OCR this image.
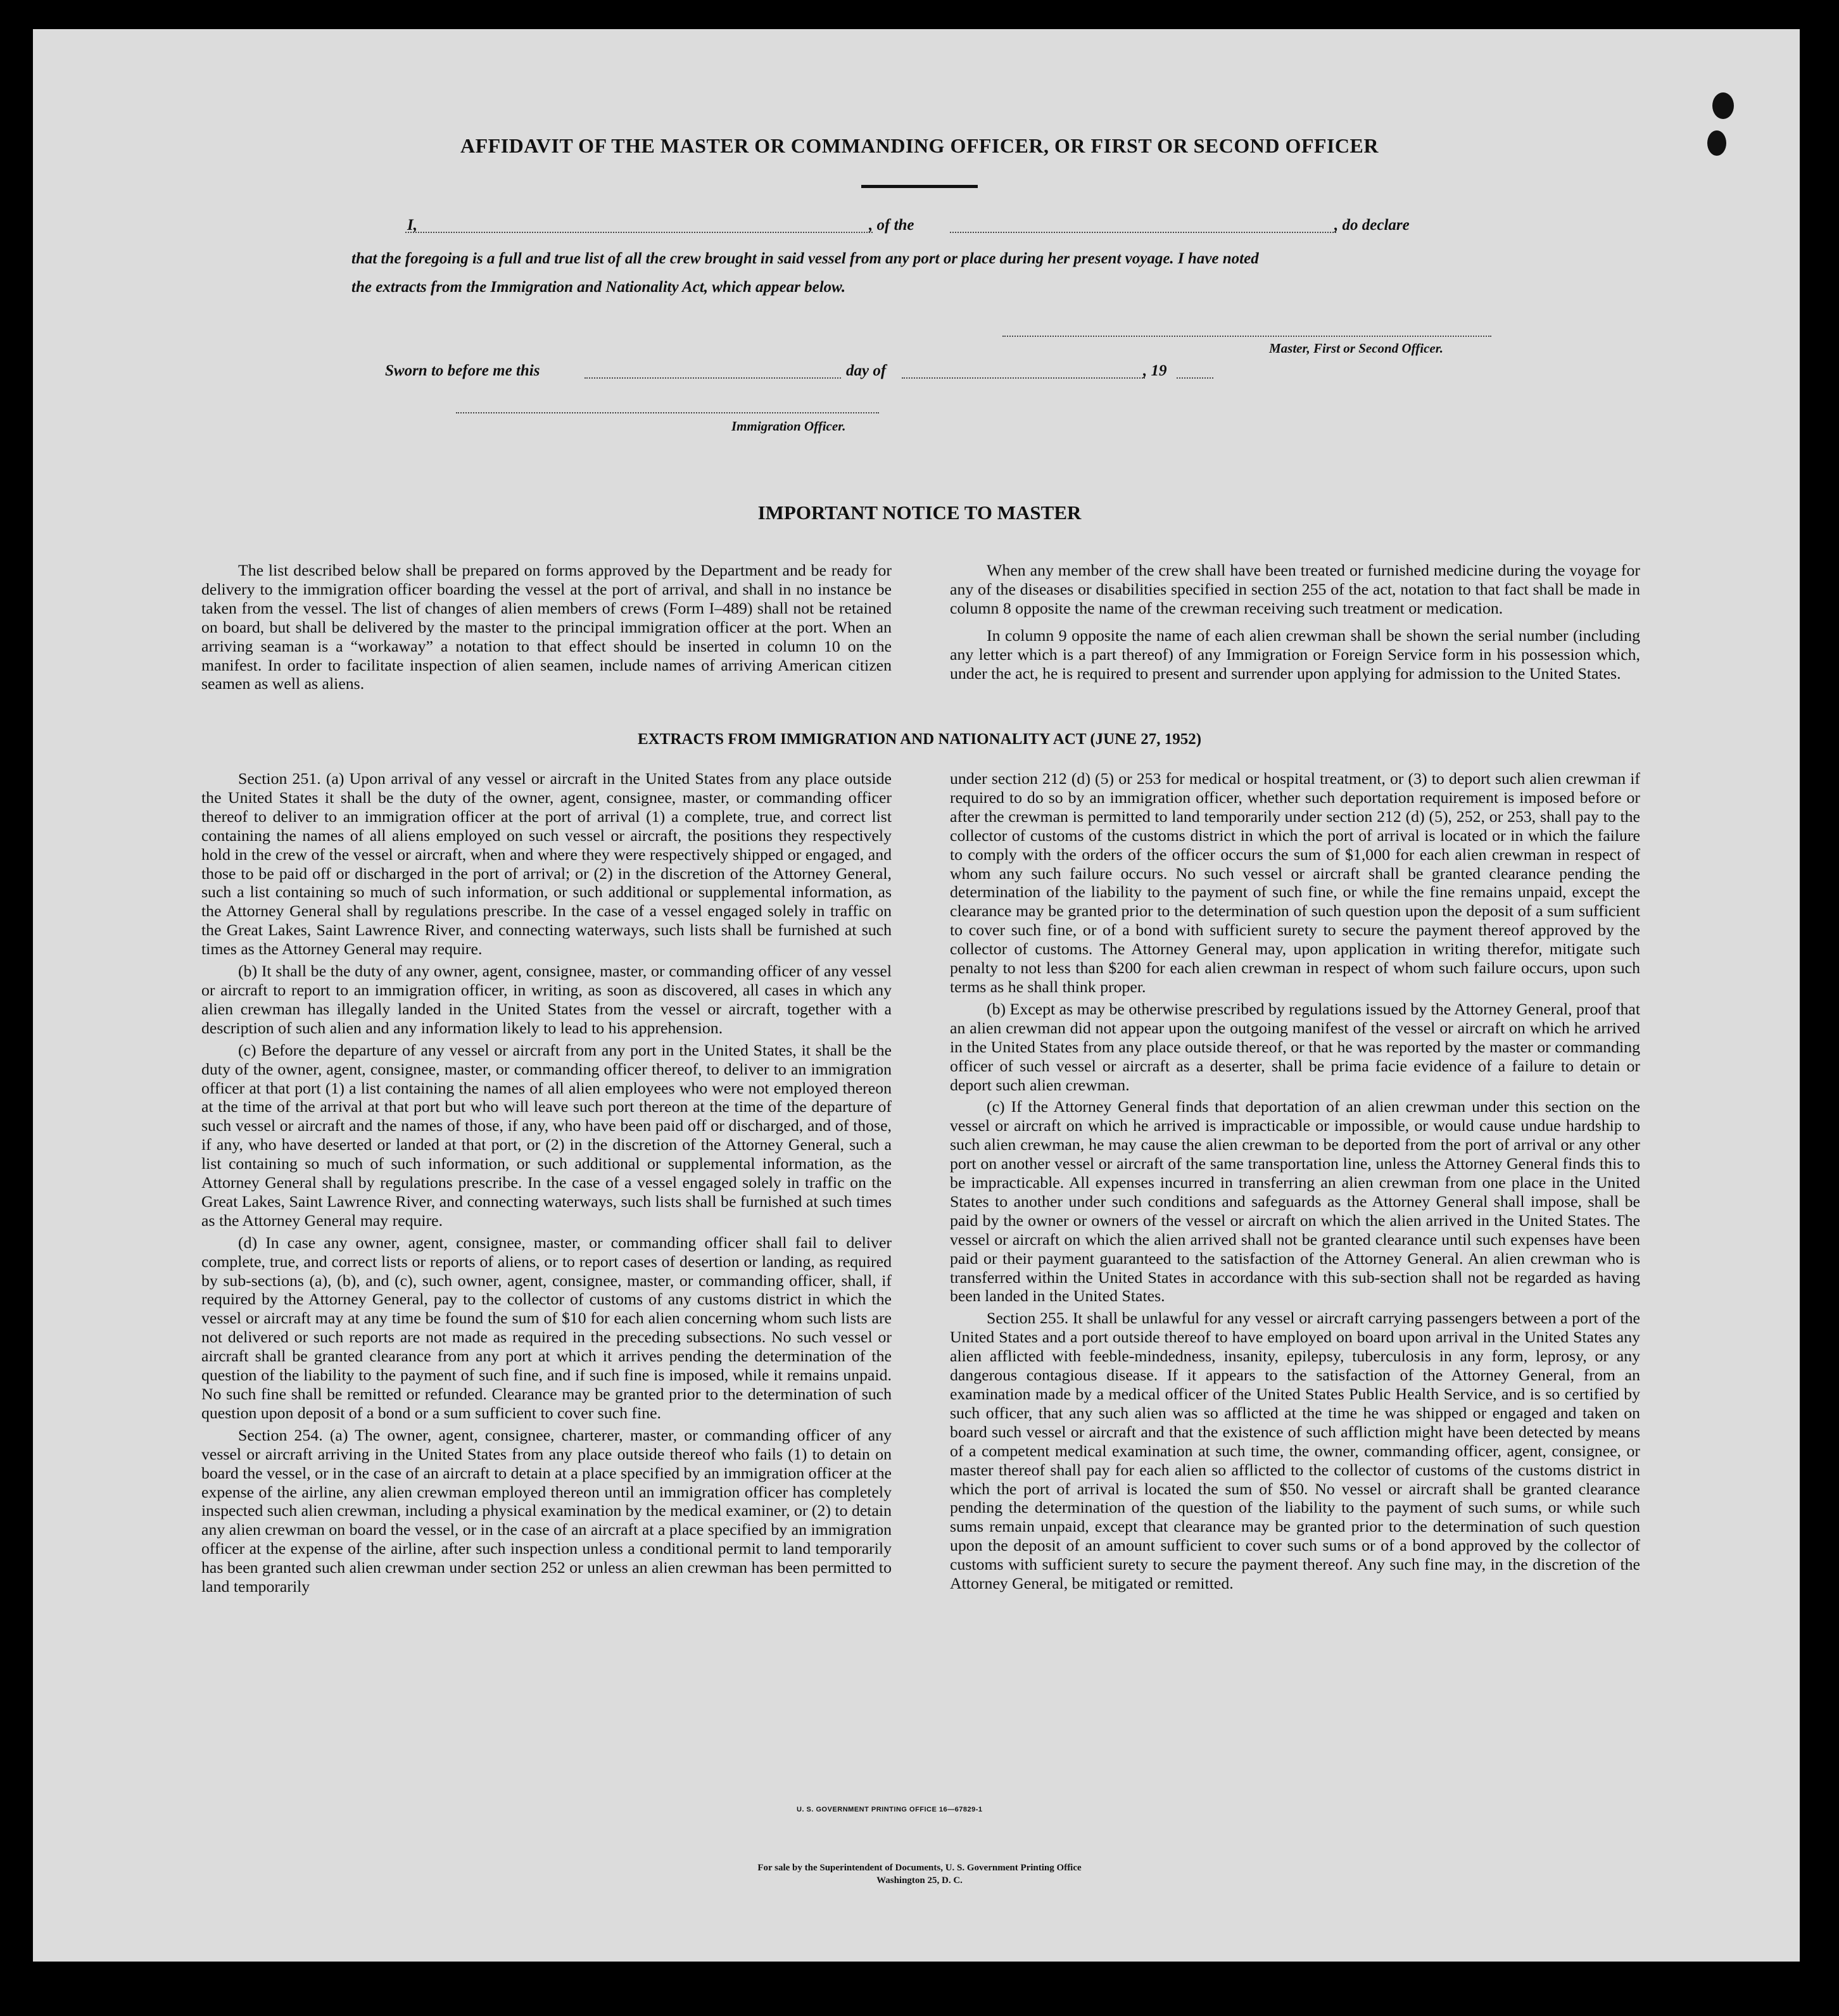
AFFIDAVIT OF THE MASTER OR COMMANDING OFFICER, OR FIRST OR SECOND OFFICER
I,	, of the	, do declare

that the foregoing is a full and true list of all the crew brought in said vessel from any port or place during her present voyage. I have noted

the extracts from the Immigration and Nationality Act, which appear below.

Master, First or Second Officer.
Sworn to before me this	day of	, 19
Immigration Officer.
IMPORTANT NOTICE TO MASTER

The list described below shall be prepared on forms approved by the Department and be ready for delivery to the immigration officer boarding the vessel at the port of arrival, and shall in no instance be taken from the vessel. The list of changes of alien members of crews (Form I–489) shall not be retained on board, but shall be delivered by the master to the principal immigration officer at the port. When an arriving seaman is a “workaway” a notation to that effect should be inserted in column 10 on the manifest. In order to facilitate inspection of alien seamen, include names of arriving American citizen seamen as well as aliens.

When any member of the crew shall have been treated or furnished medicine during the voyage for any of the diseases or disabilities specified in section 255 of the act, notation to that fact shall be made in column 8 opposite the name of the crewman receiving such treatment or medication.

In column 9 opposite the name of each alien crewman shall be shown the serial number (including any letter which is a part thereof) of any Immigration or Foreign Service form in his possession which, under the act, he is required to present and surrender upon applying for admission to the United States.

EXTRACTS FROM IMMIGRATION AND NATIONALITY ACT (JUNE 27, 1952)

Section 251. (a) Upon arrival of any vessel or aircraft in the United States from any place outside the United States it shall be the duty of the owner, agent, consignee, master, or commanding officer thereof to deliver to an immigration officer at the port of arrival (1) a complete, true, and correct list containing the names of all aliens employed on such vessel or aircraft, the positions they respectively hold in the crew of the vessel or aircraft, when and where they were respectively shipped or engaged, and those to be paid off or discharged in the port of arrival; or (2) in the discretion of the Attorney General, such a list containing so much of such information, or such additional or supplemental information, as the Attorney General shall by regulations prescribe. In the case of a vessel engaged solely in traffic on the Great Lakes, Saint Lawrence River, and connecting waterways, such lists shall be furnished at such times as the Attorney General may require.

(b) It shall be the duty of any owner, agent, consignee, master, or commanding officer of any vessel or aircraft to report to an immigration officer, in writing, as soon as discovered, all cases in which any alien crewman has illegally landed in the United States from the vessel or aircraft, together with a description of such alien and any information likely to lead to his apprehension.

(c) Before the departure of any vessel or aircraft from any port in the United States, it shall be the duty of the owner, agent, consignee, master, or commanding officer thereof, to deliver to an immigration officer at that port (1) a list containing the names of all alien employees who were not employed thereon at the time of the arrival at that port but who will leave such port thereon at the time of the departure of such vessel or aircraft and the names of those, if any, who have been paid off or discharged, and of those, if any, who have deserted or landed at that port, or (2) in the discretion of the Attorney General, such a list containing so much of such information, or such additional or supplemental information, as the Attorney General shall by regulations prescribe. In the case of a vessel engaged solely in traffic on the Great Lakes, Saint Lawrence River, and connecting waterways, such lists shall be furnished at such times as the Attorney General may require.

(d) In case any owner, agent, consignee, master, or commanding officer shall fail to deliver complete, true, and correct lists or reports of aliens, or to report cases of desertion or landing, as required by sub-sections (a), (b), and (c), such owner, agent, consignee, master, or commanding officer, shall, if required by the Attorney General, pay to the collector of customs of any customs district in which the vessel or aircraft may at any time be found the sum of $10 for each alien concerning whom such lists are not delivered or such reports are not made as required in the preceding subsections. No such vessel or aircraft shall be granted clearance from any port at which it arrives pending the determination of the question of the liability to the payment of such fine, and if such fine is imposed, while it remains unpaid. No such fine shall be remitted or refunded. Clearance may be granted prior to the determination of such question upon deposit of a bond or a sum sufficient to cover such fine.

Section 254. (a) The owner, agent, consignee, charterer, master, or commanding officer of any vessel or aircraft arriving in the United States from any place outside thereof who fails (1) to detain on board the vessel, or in the case of an aircraft to detain at a place specified by an immigration officer at the expense of the airline, any alien crewman employed thereon until an immigration officer has completely inspected such alien crewman, including a physical examination by the medical examiner, or (2) to detain any alien crewman on board the vessel, or in the case of an aircraft at a place specified by an immigration officer at the expense of the airline, after such inspection unless a conditional permit to land temporarily has been granted such alien crewman under section 252 or unless an alien crewman has been permitted to land temporarily

under section 212 (d) (5) or 253 for medical or hospital treatment, or (3) to deport such alien crewman if required to do so by an immigration officer, whether such deportation requirement is imposed before or after the crewman is permitted to land temporarily under section 212 (d) (5), 252, or 253, shall pay to the collector of customs of the customs district in which the port of arrival is located or in which the failure to comply with the orders of the officer occurs the sum of $1,000 for each alien crewman in respect of whom any such failure occurs. No such vessel or aircraft shall be granted clearance pending the determination of the liability to the payment of such fine, or while the fine remains unpaid, except the clearance may be granted prior to the determination of such question upon the deposit of a sum sufficient to cover such fine, or of a bond with sufficient surety to secure the payment thereof approved by the collector of customs. The Attorney General may, upon application in writing therefor, mitigate such penalty to not less than $200 for each alien crewman in respect of whom such failure occurs, upon such terms as he shall think proper.

(b) Except as may be otherwise prescribed by regulations issued by the Attorney General, proof that an alien crewman did not appear upon the outgoing manifest of the vessel or aircraft on which he arrived in the United States from any place outside thereof, or that he was reported by the master or commanding officer of such vessel or aircraft as a deserter, shall be prima facie evidence of a failure to detain or deport such alien crewman.

(c) If the Attorney General finds that deportation of an alien crewman under this section on the vessel or aircraft on which he arrived is impracticable or impossible, or would cause undue hardship to such alien crewman, he may cause the alien crewman to be deported from the port of arrival or any other port on another vessel or aircraft of the same transportation line, unless the Attorney General finds this to be impracticable. All expenses incurred in transferring an alien crewman from one place in the United States to another under such conditions and safeguards as the Attorney General shall impose, shall be paid by the owner or owners of the vessel or aircraft on which the alien arrived in the United States. The vessel or aircraft on which the alien arrived shall not be granted clearance until such expenses have been paid or their payment guaranteed to the satisfaction of the Attorney General. An alien crewman who is transferred within the United States in accordance with this sub-section shall not be regarded as having been landed in the United States.

Section 255. It shall be unlawful for any vessel or aircraft carrying passengers between a port of the United States and a port outside thereof to have employed on board upon arrival in the United States any alien afflicted with feeble-mindedness, insanity, epilepsy, tuberculosis in any form, leprosy, or any dangerous contagious disease. If it appears to the satisfaction of the Attorney General, from an examination made by a medical officer of the United States Public Health Service, and is so certified by such officer, that any such alien was so afflicted at the time he was shipped or engaged and taken on board such vessel or aircraft and that the existence of such affliction might have been detected by means of a competent medical examination at such time, the owner, commanding officer, agent, consignee, or master thereof shall pay for each alien so afflicted to the collector of customs of the customs district in which the port of arrival is located the sum of $50. No vessel or aircraft shall be granted clearance pending the determination of the question of the liability to the payment of such sums, or while such sums remain unpaid, except that clearance may be granted prior to the determination of such question upon the deposit of an amount sufficient to cover such sums or of a bond approved by the collector of customs with sufficient surety to secure the payment thereof. Any such fine may, in the discretion of the Attorney General, be mitigated or remitted.

U. S. GOVERNMENT PRINTING OFFICE 16—67829-1
For sale by the Superintendent of Documents, U. S. Government Printing Office
Washington 25, D. C.
